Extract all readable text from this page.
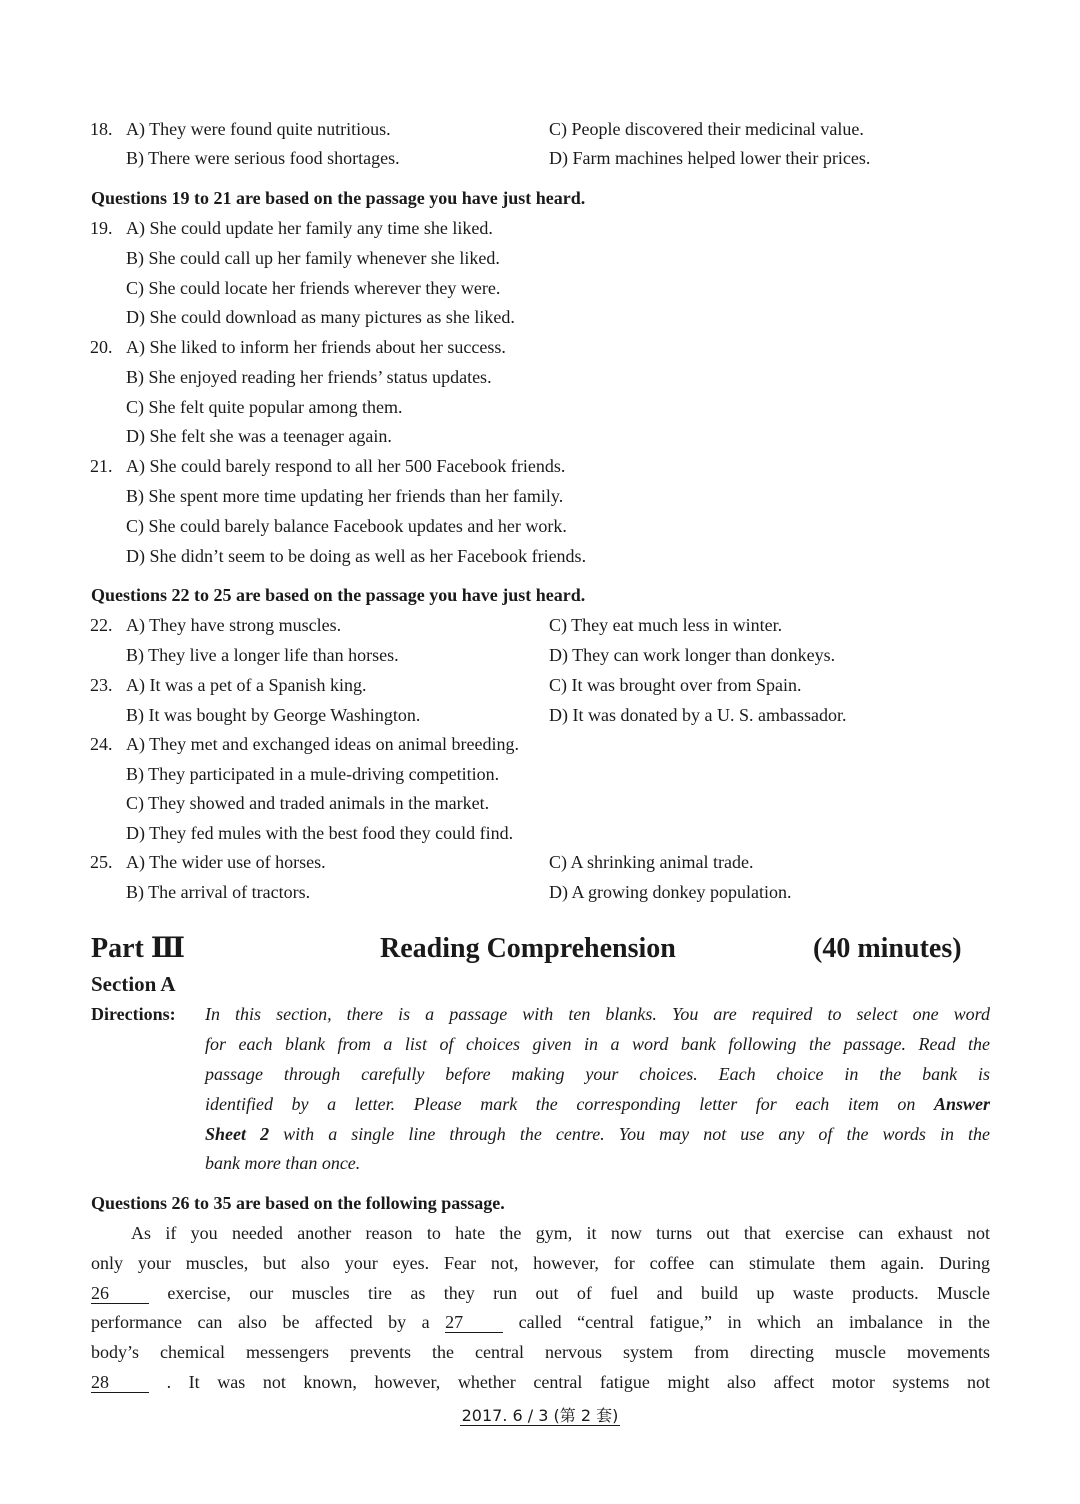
18. A) They were found quite nutritious.	C) People discovered their medicinal value.
B) There were serious food shortages.	D) Farm machines helped lower their prices.
Questions 19 to 21 are based on the passage you have just heard.
19. A) She could update her family any time she liked.
B) She could call up her family whenever she liked.
C) She could locate her friends wherever they were.
D) She could download as many pictures as she liked.
20. A) She liked to inform her friends about her success.
B) She enjoyed reading her friends’ status updates.
C) She felt quite popular among them.
D) She felt she was a teenager again.
21. A) She could barely respond to all her 500 Facebook friends.
B) She spent more time updating her friends than her family.
C) She could barely balance Facebook updates and her work.
D) She didn’t seem to be doing as well as her Facebook friends.
Questions 22 to 25 are based on the passage you have just heard.
22. A) They have strong muscles.	C) They eat much less in winter.
B) They live a longer life than horses.	D) They can work longer than donkeys.
23. A) It was a pet of a Spanish king.	C) It was brought over from Spain.
B) It was bought by George Washington.	D) It was donated by a U. S. ambassador.
24. A) They met and exchanged ideas on animal breeding.
B) They participated in a mule-driving competition.
C) They showed and traded animals in the market.
D) They fed mules with the best food they could find.
25. A) The wider use of horses.	C) A shrinking animal trade.
B) The arrival of tractors.	D) A growing donkey population.
Part Ⅲ	Reading Comprehension	(40 minutes)
Section A
Directions: In this section, there is a passage with ten blanks. You are required to select one word
for each blank from a list of choices given in a word bank following the passage. Read the
passage through carefully before making your choices. Each choice in the bank is
identified by a letter. Please mark the corresponding letter for each item on Answer
Sheet 2 with a single line through the centre. You may not use any of the words in the
bank more than once.
Questions 26 to 35 are based on the following passage.
As if you needed another reason to hate the gym, it now turns out that exercise can exhaust not
only your muscles, but also your eyes. Fear not, however, for coffee can stimulate them again. During
26	exercise, our muscles tire as they run out of fuel and build up waste products. Muscle
performance can also be affected by a 27	called “central fatigue,” in which an imbalance in the
body’s chemical messengers prevents the central nervous system from directing muscle movements
28	. It was not known, however, whether central fatigue might also affect motor systems not
2017. 6 / 3 (第 2 套)
